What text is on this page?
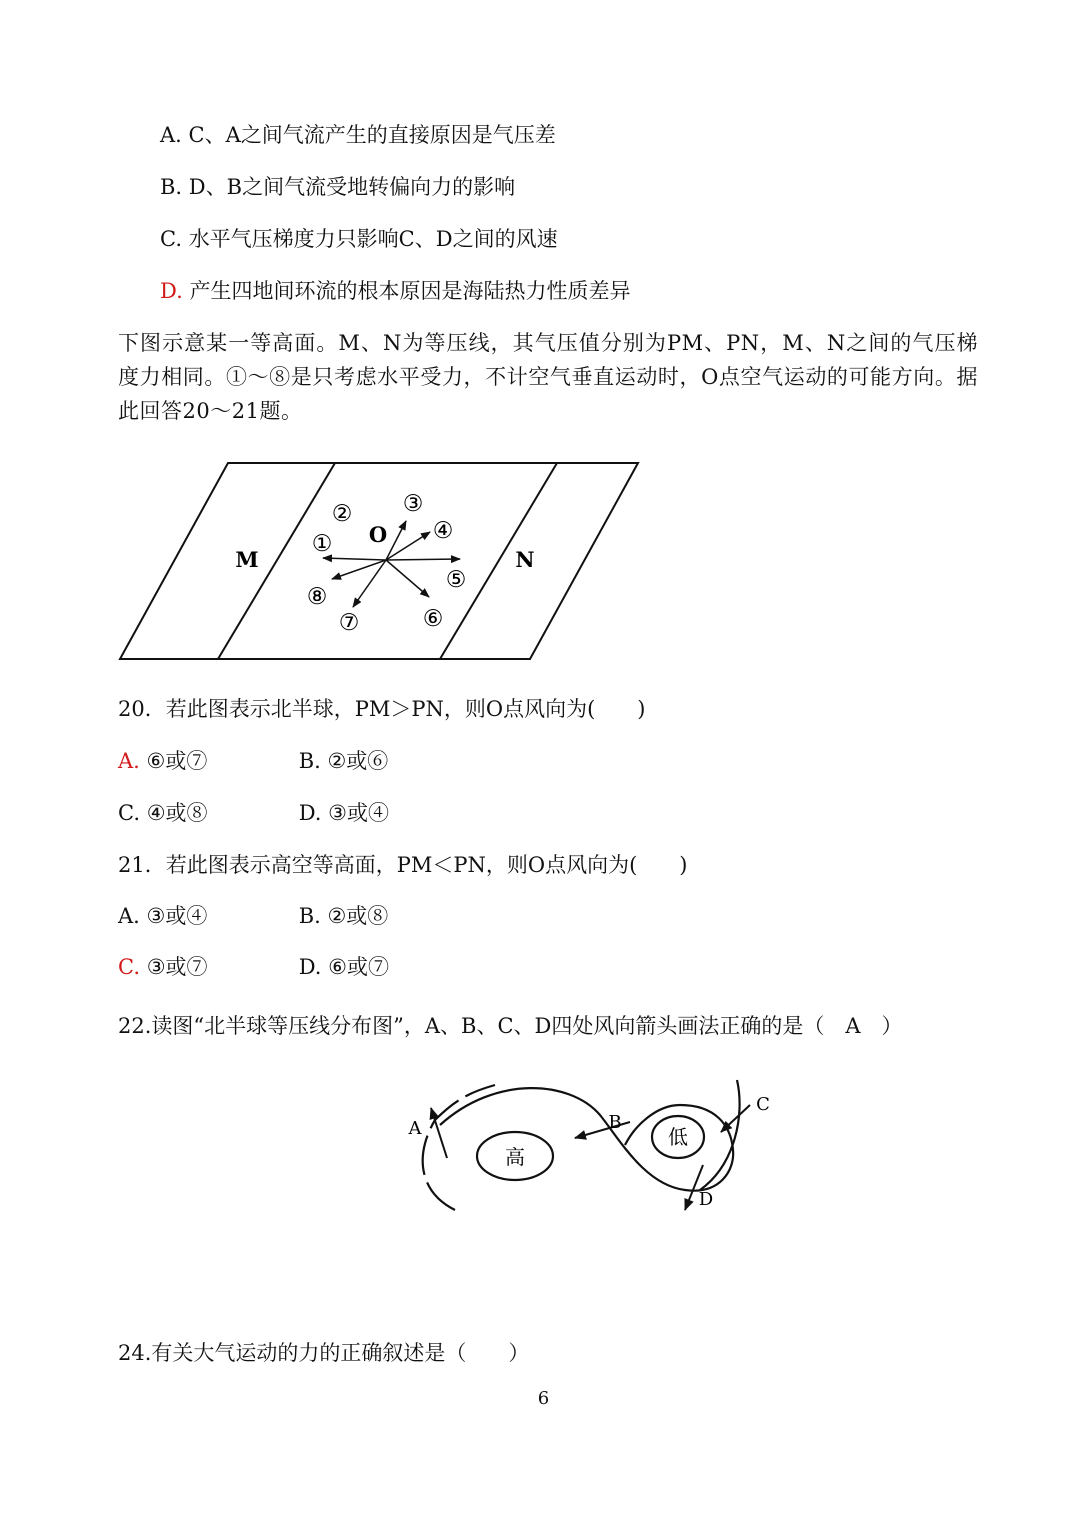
A. C、A之间气流产生的直接原因是气压差
B. D、B之间气流受地转偏向力的影响
C. 水平气压梯度力只影响C、D之间的风速
D. 产生四地间环流的根本原因是海陆热力性质差异
下图示意某一等高面。M、N为等压线，其气压值分别为PM、PN，M、N之间的气压梯度力相同。①～⑧是只考虑水平受力，不计空气垂直运动时，O点空气运动的可能方向。据此回答20～21题。
M	N
O
①
② ③
④
⑤
⑥
⑦
⑧
20．若此图表示北半球，PM＞PN，则O点风向为(　　)
A. ⑥或⑦	B. ②或⑥
C. ④或⑧	D. ③或④
21．若此图表示高空等高面，PM＜PN，则O点风向为(　　)
A. ③或④	B. ②或⑧
C. ③或⑦	D. ⑥或⑦
22.读图“北半球等压线分布图”，A、B、C、D四处风向箭头画法正确的是（　A　）
高
低
A	B
C
D
24.有关大气运动的力的正确叙述是（　　）
6
